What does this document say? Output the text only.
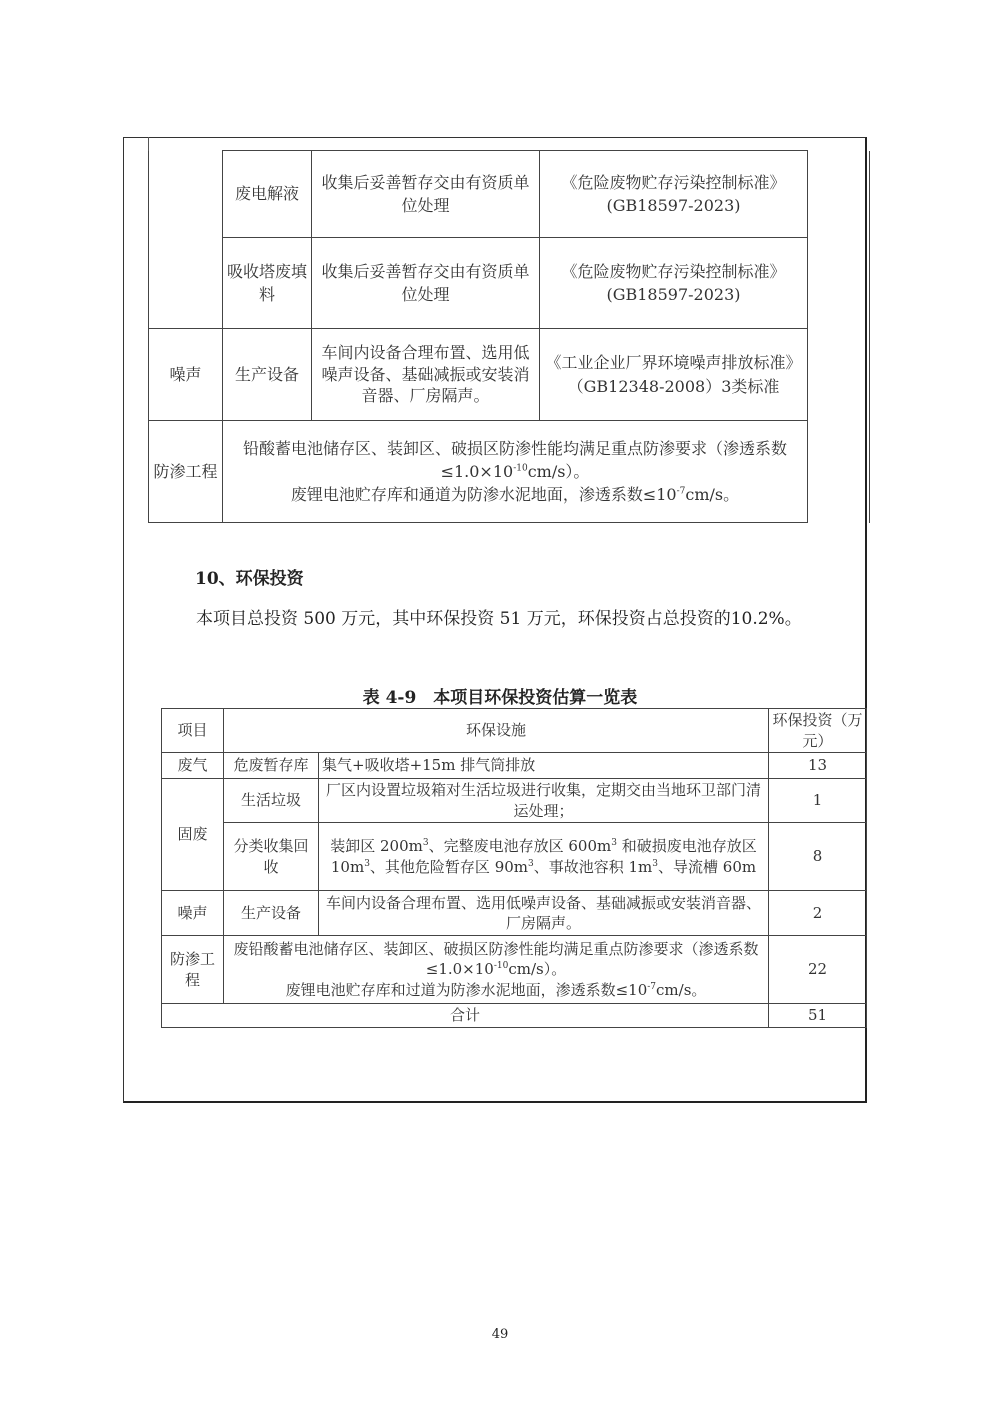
	废电解液	收集后妥善暂存交由有资质单位处理	《危险废物贮存污染控制标准》(GB18597-2023)	
	吸收塔废填料	收集后妥善暂存交由有资质单位处理	《危险废物贮存污染控制标准》(GB18597-2023)	
噪声	生产设备	车间内设备合理布置、选用低噪声设备、基础减振或安装消音器、厂房隔声。	《工业企业厂界环境噪声排放标准》（GB12348-2008）3类标准	
防渗工程	铅酸蓄电池储存区、装卸区、破损区防渗性能均满足重点防渗要求（渗透系数$\le 1.0\times 10^{-10}cm/s$）。
废锂电池贮存库和通道为防渗水泥地面，渗透系数$\le 10^{-7}cm/s$。			
10、环保投资
本项目总投资 500 万元，其中环保投资 51 万元，环保投资占总投资的10.2%。
表 4-9　本项目环保投资估算一览表
项目	环保设施		环保投资（万元）
废气	危废暂存库	集气+吸收塔+15m 排气筒排放	13
固废	生活垃圾	厂区内设置垃圾箱对生活垃圾进行收集，定期交由当地环卫部门清运处理；	1
	分类收集回收	装卸区 $200m^3$、完整废电池存放区 $600m^3$ 和破损废电池存放区 $10m^3$、其他危险暂存区 $90m^3$、事故池容积 $1m^3$、导流槽 60m	8
噪声	生产设备	车间内设备合理布置、选用低噪声设备、基础减振或安装消音器、厂房隔声。	2
防渗工程	废铅酸蓄电池储存区、装卸区、破损区防渗性能均满足重点防渗要求（渗透系数$\le 1.0\times 10^{-10}cm/s$）。
废锂电池贮存库和过道为防渗水泥地面，渗透系数$\le 10^{-7}cm/s$。		22
合计			51
49
